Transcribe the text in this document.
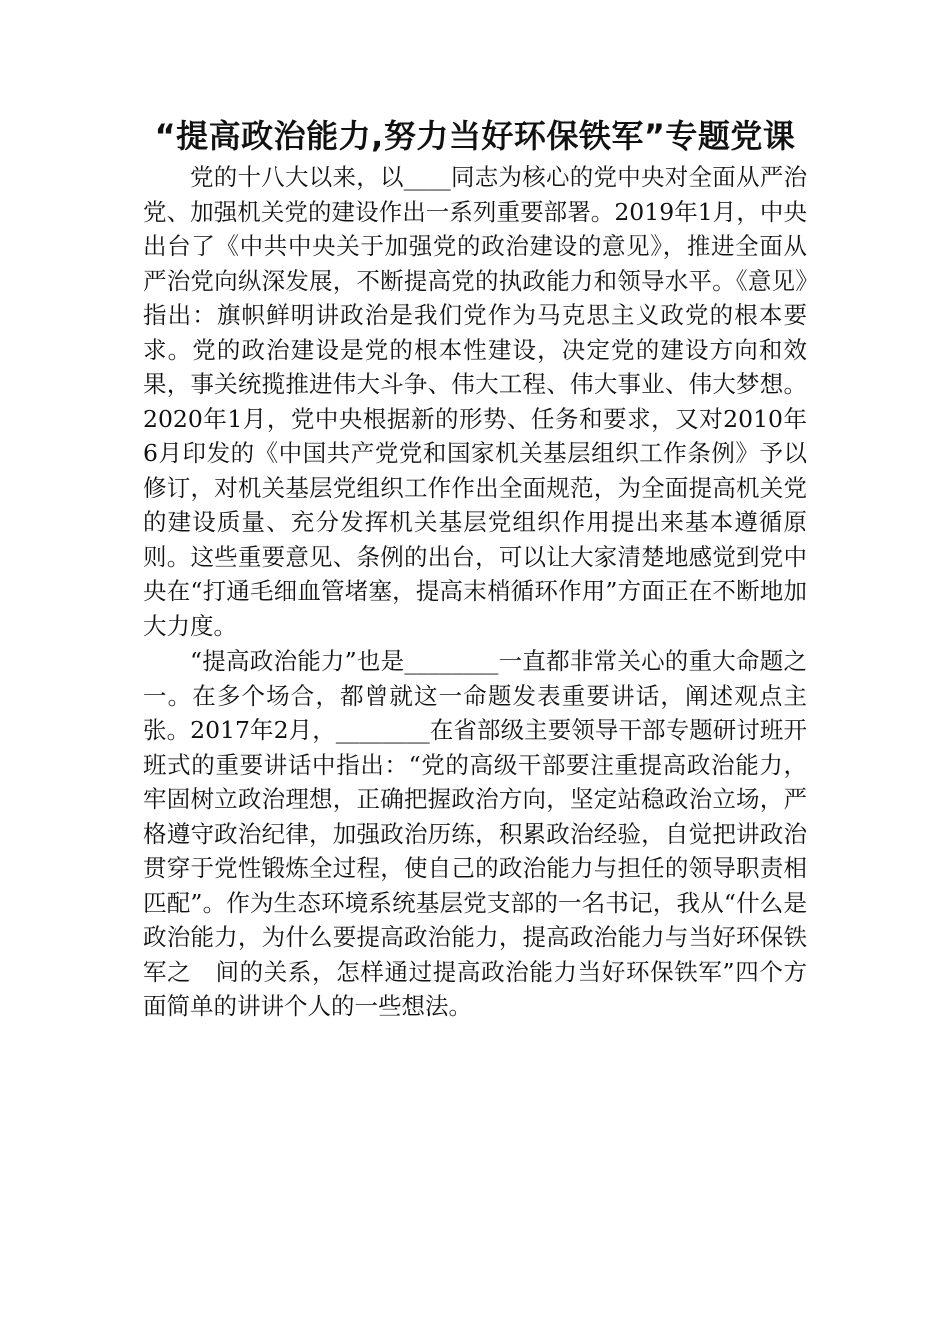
“提高政治能力,努力当好环保铁军”专题党课

党的十八大以来，以____同志为核心的党中央对全面从严治党、加强机关党的建设作出一系列重要部署。2019年1月，中央出台了《中共中央关于加强党的政治建设的意见》，推进全面从严治党向纵深发展，不断提高党的执政能力和领导水平。《意见》指出：旗帜鲜明讲政治是我们党作为马克思主义政党的根本要求。党的政治建设是党的根本性建设，决定党的建设方向和效果，事关统揽推进伟大斗争、伟大工程、伟大事业、伟大梦想。2020年1月，党中央根据新的形势、任务和要求，又对2010年6月印发的《中国共产党党和国家机关基层组织工作条例》予以修订，对机关基层党组织工作作出全面规范，为全面提高机关党的建设质量、充分发挥机关基层党组织作用提出来基本遵循原则。这些重要意见、条例的出台，可以让大家清楚地感觉到党中央在“打通毛细血管堵塞，提高末梢循环作用”方面正在不断地加大力度。

“提高政治能力”也是________一直都非常关心的重大命题之一。在多个场合，都曾就这一命题发表重要讲话，阐述观点主张。2017年2月，________在省部级主要领导干部专题研讨班开班式的重要讲话中指出：“党的高级干部要注重提高政治能力，牢固树立政治理想，正确把握政治方向，坚定站稳政治立场，严格遵守政治纪律，加强政治历练，积累政治经验，自觉把讲政治贯穿于党性锻炼全过程，使自己的政治能力与担任的领导职责相匹配”。作为生态环境系统基层党支部的一名书记，我从“什么是政治能力，为什么要提高政治能力，提高政治能力与当好环保铁军之　间的关系，怎样通过提高政治能力当好环保铁军”四个方面简单的讲讲个人的一些想法。
